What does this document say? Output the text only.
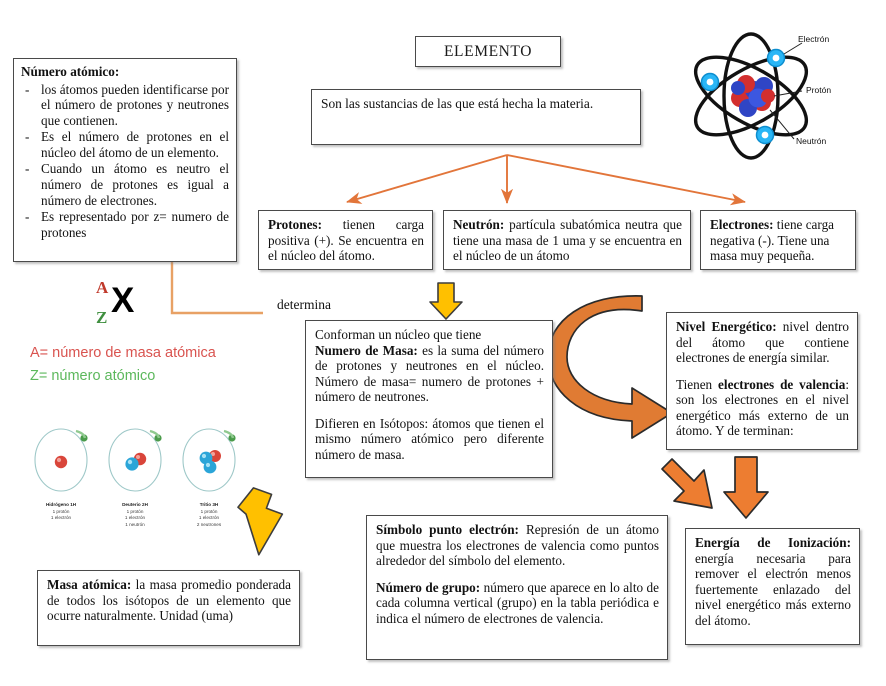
ELEMENTO
Son las sustancias de las que está hecha la materia.
Número atómico:
- los átomos pueden identificarse por el número de protones y neutrones que contienen.
- Es el número de protones en el núcleo del átomo de un elemento.
- Cuando un átomo es neutro el número de protones es igual a número de electrones.
- Es representado por z= numero de protones
A
Z X
A= número de masa atómica
Z= número atómico
Electrón
Protón
Neutrón
Protones: tienen carga positiva (+). Se encuentra en el núcleo del átomo.
Neutrón: partícula subatómica neutra que tiene una masa de 1 uma y se encuentra en el núcleo de un átomo
Electrones: tiene carga negativa (-). Tiene una masa muy pequeña.
determina
Conforman un núcleo que tiene
Numero de Masa: es la suma del número de protones y neutrones en el núcleo. Número de masa= numero de protones + número de neutrones.
Difieren en Isótopos: átomos que tienen el mismo número atómico pero diferente número de masa.
Nivel Energético: nivel dentro del átomo que contiene electrones de energía similar.
Tienen electrones de valencia: son los electrones en el nivel energético más externo de un átomo. Y de terminan:
Hidrógeno 1H
1 protón
1 electrón
Deuterio 2H
1 protón
1 electrón
1 neutrón
Tritio 3H
1 protón
1 electrón
2 neutrones
Masa atómica: la masa promedio ponderada de todos los isótopos de un elemento que ocurre naturalmente. Unidad (uma)
Símbolo punto electrón: Represión de un átomo que muestra los electrones de valencia como puntos alrededor del símbolo del elemento.
Número de grupo: número que aparece en lo alto de cada columna vertical (grupo) en la tabla periódica e indica el número de electrones de valencia.
Energía de Ionización: energía necesaria para remover el electrón menos fuertemente enlazado del nivel energético más externo del átomo.
